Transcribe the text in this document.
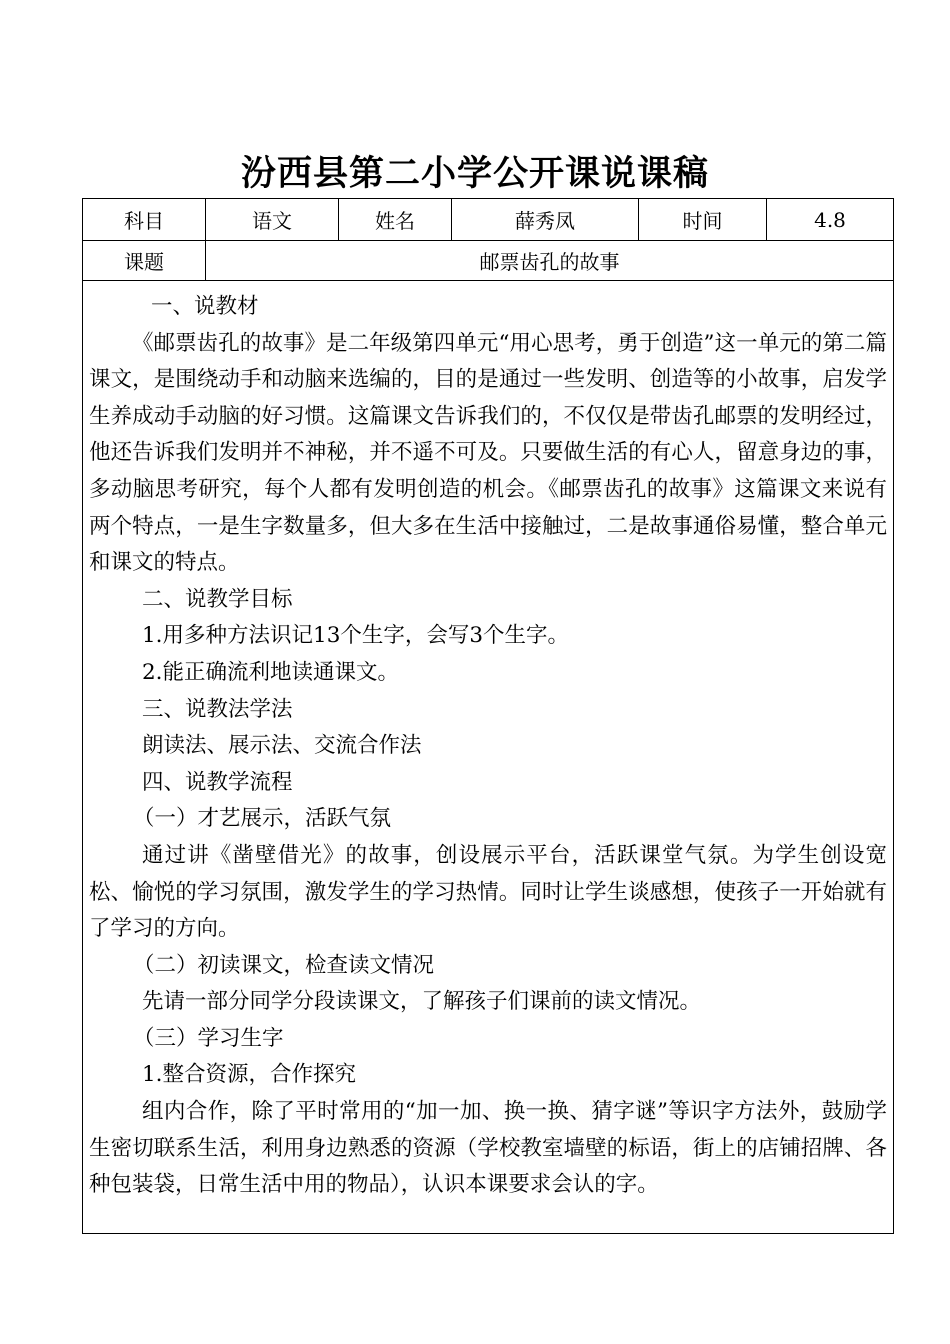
汾西县第二小学公开课说课稿
科目	语文	姓名	薛秀凤	时间	4.8
课题	邮票齿孔的故事

一、说教材

《邮票齿孔的故事》是二年级第四单元“用心思考，勇于创造”这一单元的第二篇课文，是围绕动手和动脑来选编的，目的是通过一些发明、创造等的小故事，启发学生养成动手动脑的好习惯。这篇课文告诉我们的，不仅仅是带齿孔邮票的发明经过，他还告诉我们发明并不神秘，并不遥不可及。只要做生活的有心人，留意身边的事，多动脑思考研究，每个人都有发明创造的机会。《邮票齿孔的故事》这篇课文来说有两个特点，一是生字数量多，但大多在生活中接触过，二是故事通俗易懂，整合单元和课文的特点。

二、说教学目标

1.用多种方法识记13个生字，会写3个生字。

2.能正确流利地读通课文。

三、说教法学法

朗读法、展示法、交流合作法

四、说教学流程

（一）才艺展示，活跃气氛

通过讲《凿壁借光》的故事，创设展示平台，活跃课堂气氛。为学生创设宽松、愉悦的学习氛围，激发学生的学习热情。同时让学生谈感想，使孩子一开始就有了学习的方向。

（二）初读课文，检查读文情况

先请一部分同学分段读课文，了解孩子们课前的读文情况。

（三）学习生字

1.整合资源，合作探究

组内合作，除了平时常用的“加一加、换一换、猜字谜”等识字方法外，鼓励学生密切联系生活，利用身边熟悉的资源（学校教室墙壁的标语，街上的店铺招牌、各种包装袋，日常生活中用的物品），认识本课要求会认的字。
